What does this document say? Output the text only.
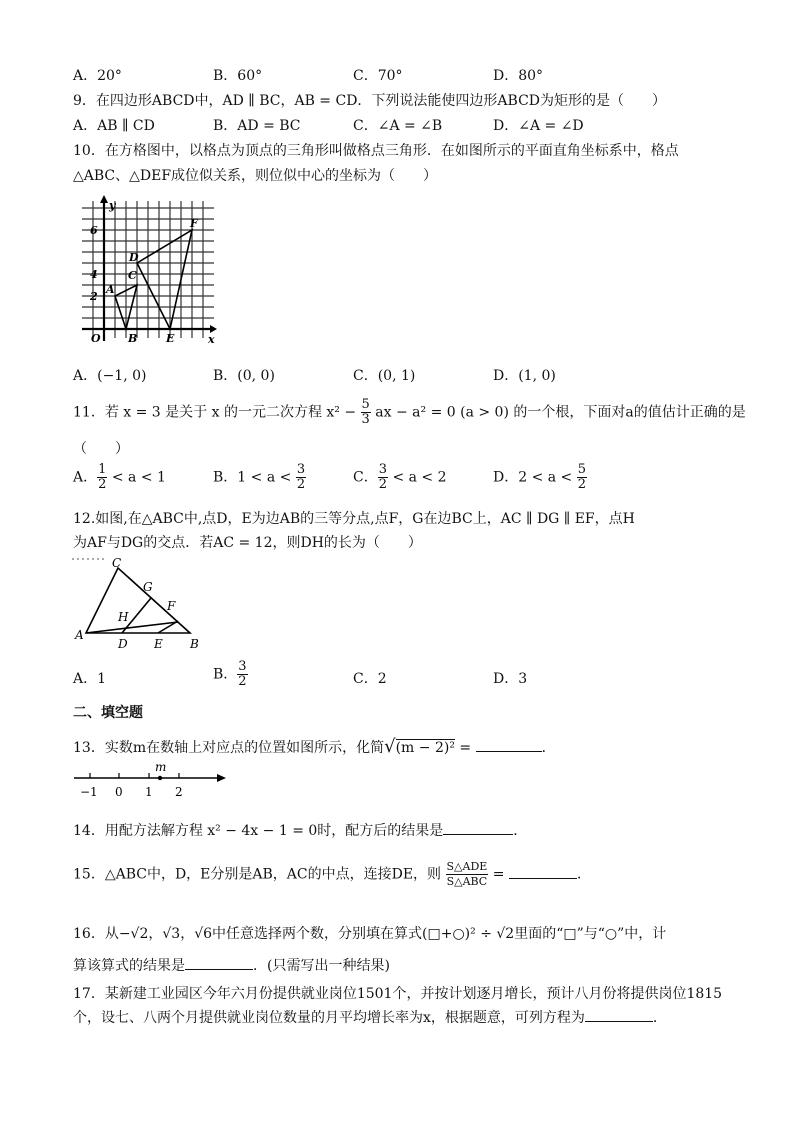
A．20°	B．60°	C．70°	D．80°
9．在四边形ABCD中，AD ∥ BC，AB = CD．下列说法能使四边形ABCD为矩形的是（　　）
A．AB ∥ CD	B．AD = BC	C．∠A = ∠B	D．∠A = ∠D
10．在方格图中，以格点为顶点的三角形叫做格点三角形．在如图所示的平面直角坐标系中，格点
△ABC、△DEF成位似关系，则位似中心的坐标为（　　）
y
x
O
6
4
2
A
B
C
D
E
F
A．(−1, 0)	B．(0, 0)	C．(0, 1)	D．(1, 0)
11．若 x = 3 是关于 x 的一元二次方程 $x^2 - \frac{5}{3}$ ax − a² = 0 (a > 0) 的一个根，下面对a的值估计正确的是
（　　）
A． $\frac{1}{2} < a < 1$	B．$1 < a < \frac{3}{2}$	C． $\frac{3}{2} < a < 2$	D．$2 < a < \frac{5}{2}$
12.如图,在△ABC中,点D，E为边AB的三等分点,点F，G在边BC上，AC ∥ DG ∥ EF，点H
为AF与DG的交点．若AC = 12，则DH的长为（　　）
A
B
C
D E
F
G
H
A．1	B． $\frac{3}{2}$	C．2	D．3
二、填空题
13．实数m在数轴上对应点的位置如图所示，化简√(m − 2)² =	．
m
−1 0 1 2
14．用配方法解方程 x² − 4x − 1 = 0时，配方后的结果是	．
15．△ABC中，D，E分别是AB，AC的中点，连接DE，则 $\frac{\text{S△ADE}}{\text{S△ABC}}$ =	．
16．从−√2，√3，√6中任意选择两个数，分别填在算式(□+○)² ÷ √2里面的“□”与“○”中，计
算该算式的结果是	．(只需写出一种结果)
17．某新建工业园区今年六月份提供就业岗位1501个，并按计划逐月增长，预计八月份将提供岗位1815
个，设七、八两个月提供就业岗位数量的月平均增长率为x，根据题意，可列方程为	．
